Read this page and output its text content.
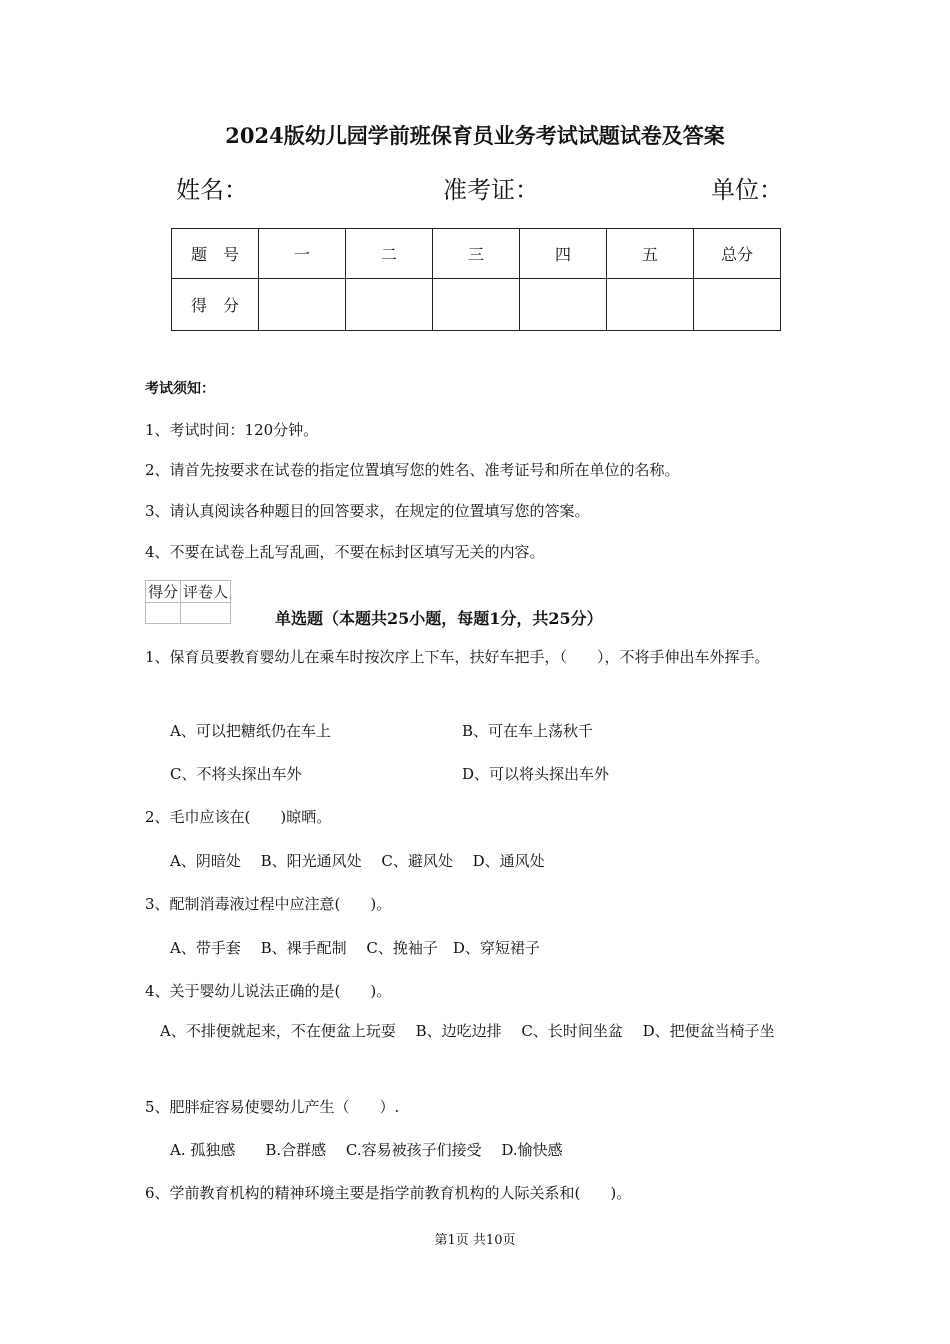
2024版幼儿园学前班保育员业务考试试题试卷及答案
姓名：	准考证：	单位：
题　号	一	二	三	四	五	总分
得　分						
考试须知：
1、考试时间：120分钟。
2、请首先按要求在试卷的指定位置填写您的姓名、准考证号和所在单位的名称。
3、请认真阅读各种题目的回答要求，在规定的位置填写您的答案。
4、不要在试卷上乱写乱画，不要在标封区填写无关的内容。
得分	评卷人

单选题（本题共25小题，每题1分，共25分）
1、保育员要教育婴幼儿在乘车时按次序上下车，扶好车把手，（　　），不将手伸出车外挥手。
A、可以把糖纸仍在车上	B、可在车上荡秋千
C、不将头探出车外	D、可以将头探出车外
2、毛巾应该在(　　)晾晒。
A、阴暗处　 B、阳光通风处　 C、避风处　 D、通风处
3、配制消毒液过程中应注意(　　)。
A、带手套　 B、裸手配制　 C、挽袖子　D、穿短裙子
4、关于婴幼儿说法正确的是(　　)。
　A、不排便就起来，不在便盆上玩耍　 B、边吃边排　 C、长时间坐盆　 D、把便盆当椅子坐
5、肥胖症容易使婴幼儿产生（　　）.
A. 孤独感　　B.合群感　 C.容易被孩子们接受　 D.愉快感
6、学前教育机构的精神环境主要是指学前教育机构的人际关系和(　　)。
第1页 共10页
